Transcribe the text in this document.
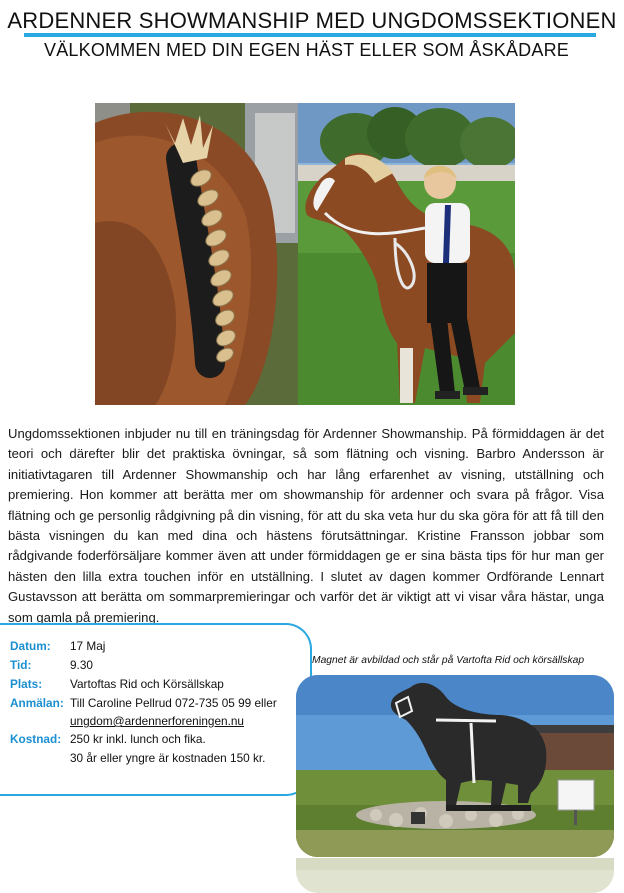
ARDENNER SHOWMANSHIP MED UNGDOMSSEKTIONEN
VÄLKOMMEN MED DIN EGEN HÄST ELLER SOM ÅSKÅDARE
Ungdomssektionen inbjuder nu till en träningsdag för Ardenner Showmanship. På förmiddagen är det teori och därefter blir det praktiska övningar, så som flätning och visning. Barbro Andersson är initiativtagaren till Ardenner Showmanship och har lång erfarenhet av visning, utställning och premiering. Hon kommer att berätta mer om showmanship för ardenner och svara på frågor. Visa flätning och ge personlig rådgivning på din visning, för att du ska veta hur du ska göra för att få till den bästa visningen du kan med dina och hästens förutsättningar. Kristine Fransson jobbar som rådgivande foderförsäljare kommer även att under förmiddagen ge er sina bästa tips för hur man ger hästen den lilla extra touchen inför en utställning. I slutet av dagen kommer Ordförande Lennart Gustavsson att berätta om sommarpremieringar och varför det är viktigt att vi visar våra hästar, unga som gamla på premiering.
Datum: 17 Maj
Tid:	9.30
Plats: Vartoftas Rid och Körsällskap
Anmälan: Till Caroline Pellrud 072-735 05 99 eller
ungdom@ardennerforeningen.nu
Kostnad: 250 kr inkl. lunch och fika.
30 år eller yngre är kostnaden 150 kr.
Magnet är avbildad och står på Vartofta Rid och körsällskap
